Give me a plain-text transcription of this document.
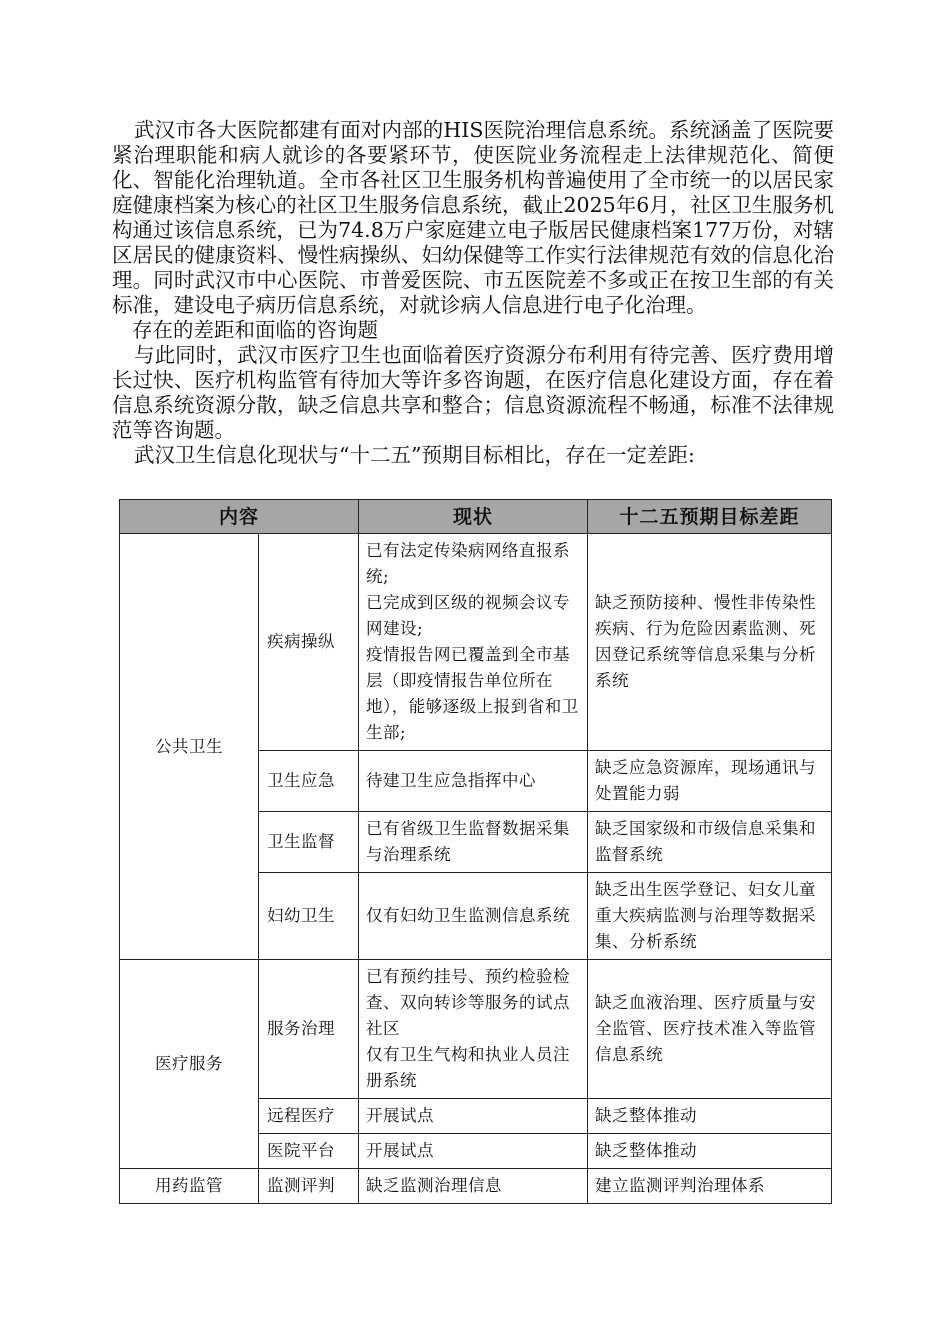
武汉市各大医院都建有面对内部的HIS医院治理信息系统。系统涵盖了医院要紧治理职能和病人就诊的各要紧环节，使医院业务流程走上法律规范化、简便化、智能化治理轨道。全市各社区卫生服务机构普遍使用了全市统一的以居民家庭健康档案为核心的社区卫生服务信息系统，截止2025年6月，社区卫生服务机构通过该信息系统，已为74.8万户家庭建立电子版居民健康档案177万份，对辖区居民的健康资料、慢性病操纵、妇幼保健等工作实行法律规范有效的信息化治理。同时武汉市中心医院、市普爱医院、市五医院差不多或正在按卫生部的有关标准，建设电子病历信息系统，对就诊病人信息进行电子化治理。

存在的差距和面临的咨询题

与此同时，武汉市医疗卫生也面临着医疗资源分布利用有待完善、医疗费用增长过快、医疗机构监管有待加大等许多咨询题，在医疗信息化建设方面，存在着信息系统资源分散，缺乏信息共享和整合；信息资源流程不畅通，标准不法律规范等咨询题。

武汉卫生信息化现状与“十二五”预期目标相比，存在一定差距:

内容		现状	十二五预期目标差距
公共卫生	疾病操纵	已有法定传染病网络直报系统;
已完成到区级的视频会议专网建设;
疫情报告网已覆盖到全市基层（即疫情报告单位所在地），能够逐级上报到省和卫生部;	缺乏预防接种、慢性非传染性疾病、行为危险因素监测、死因登记系统等信息采集与分析系统
	卫生应急	待建卫生应急指挥中心	缺乏应急资源库，现场通讯与处置能力弱
	卫生监督	已有省级卫生监督数据采集与治理系统	缺乏国家级和市级信息采集和监督系统
	妇幼卫生	仅有妇幼卫生监测信息系统	缺乏出生医学登记、妇女儿童重大疾病监测与治理等数据采集、分析系统
医疗服务	服务治理	已有预约挂号、预约检验检查、双向转诊等服务的试点社区
仅有卫生气构和执业人员注册系统	缺乏血液治理、医疗质量与安全监管、医疗技术准入等监管信息系统
	远程医疗	开展试点	缺乏整体推动
	医院平台	开展试点	缺乏整体推动
用药监管	监测评判	缺乏监测治理信息	建立监测评判治理体系
